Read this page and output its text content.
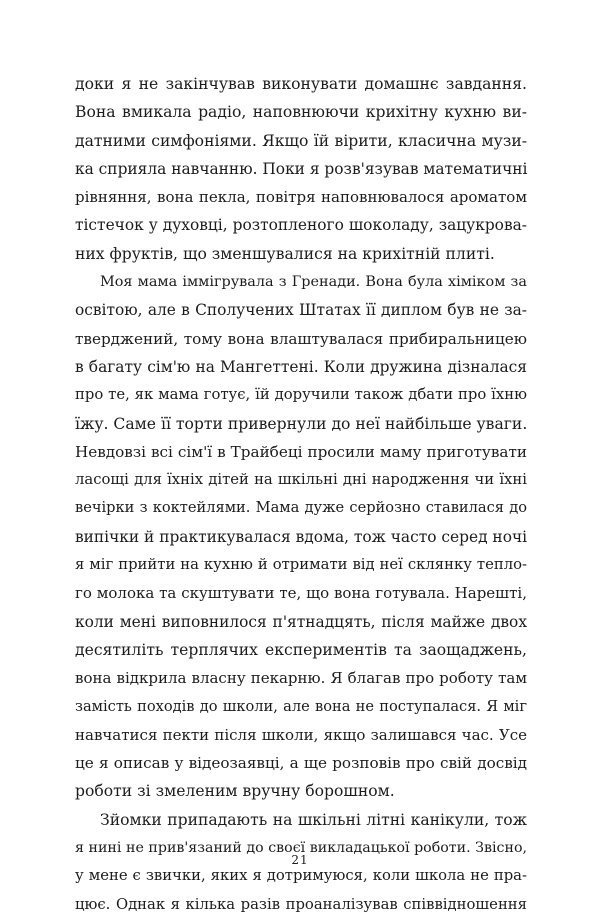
доки я не закінчував виконувати домашнє завдання.
Вона вмикала радіо, наповнюючи крихітну кухню ви-
датними симфоніями. Якщо їй вірити, класична музи-
ка сприяла навчанню. Поки я розв'язував математичні
рівняння, вона пекла, повітря наповнювалося ароматом
тістечок у духовці, розтопленого шоколаду, зацукрова-
них фруктів, що зменшувалися на крихітній плиті.
Моя мама іммігрувала з Гренади. Вона була хіміком за
освітою, але в Сполучених Штатах її диплом був не за-
тверджений, тому вона влаштувалася прибиральницею
в багату сім'ю на Мангеттені. Коли дружина дізналася
про те, як мама готує, їй доручили також дбати про їхню
їжу. Саме її торти привернули до неї найбільше уваги.
Невдовзі всі сім'ї в Трайбеці просили маму приготувати
ласощі для їхніх дітей на шкільні дні народження чи їхні
вечірки з коктейлями. Мама дуже серйозно ставилася до
випічки й практикувалася вдома, тож часто серед ночі
я міг прийти на кухню й отримати від неї склянку тепло-
го молока та скуштувати те, що вона готувала. Нарешті,
коли мені виповнилося п'ятнадцять, після майже двох
десятиліть терплячих експериментів та заощаджень,
вона відкрила власну пекарню. Я благав про роботу там
замість походів до школи, але вона не поступалася. Я міг
навчатися пекти після школи, якщо залишався час. Усе
це я описав у відеозаявці, а ще розповів про свій досвід
роботи зі змеленим вручну борошном.
Зйомки припадають на шкільні літні канікули, тож
я нині не прив'язаний до своєї викладацької роботи. Звісно,
у мене є звички, яких я дотримуюся, коли школа не пра-
цює. Однак я кілька разів проаналізував співвідношення
21
